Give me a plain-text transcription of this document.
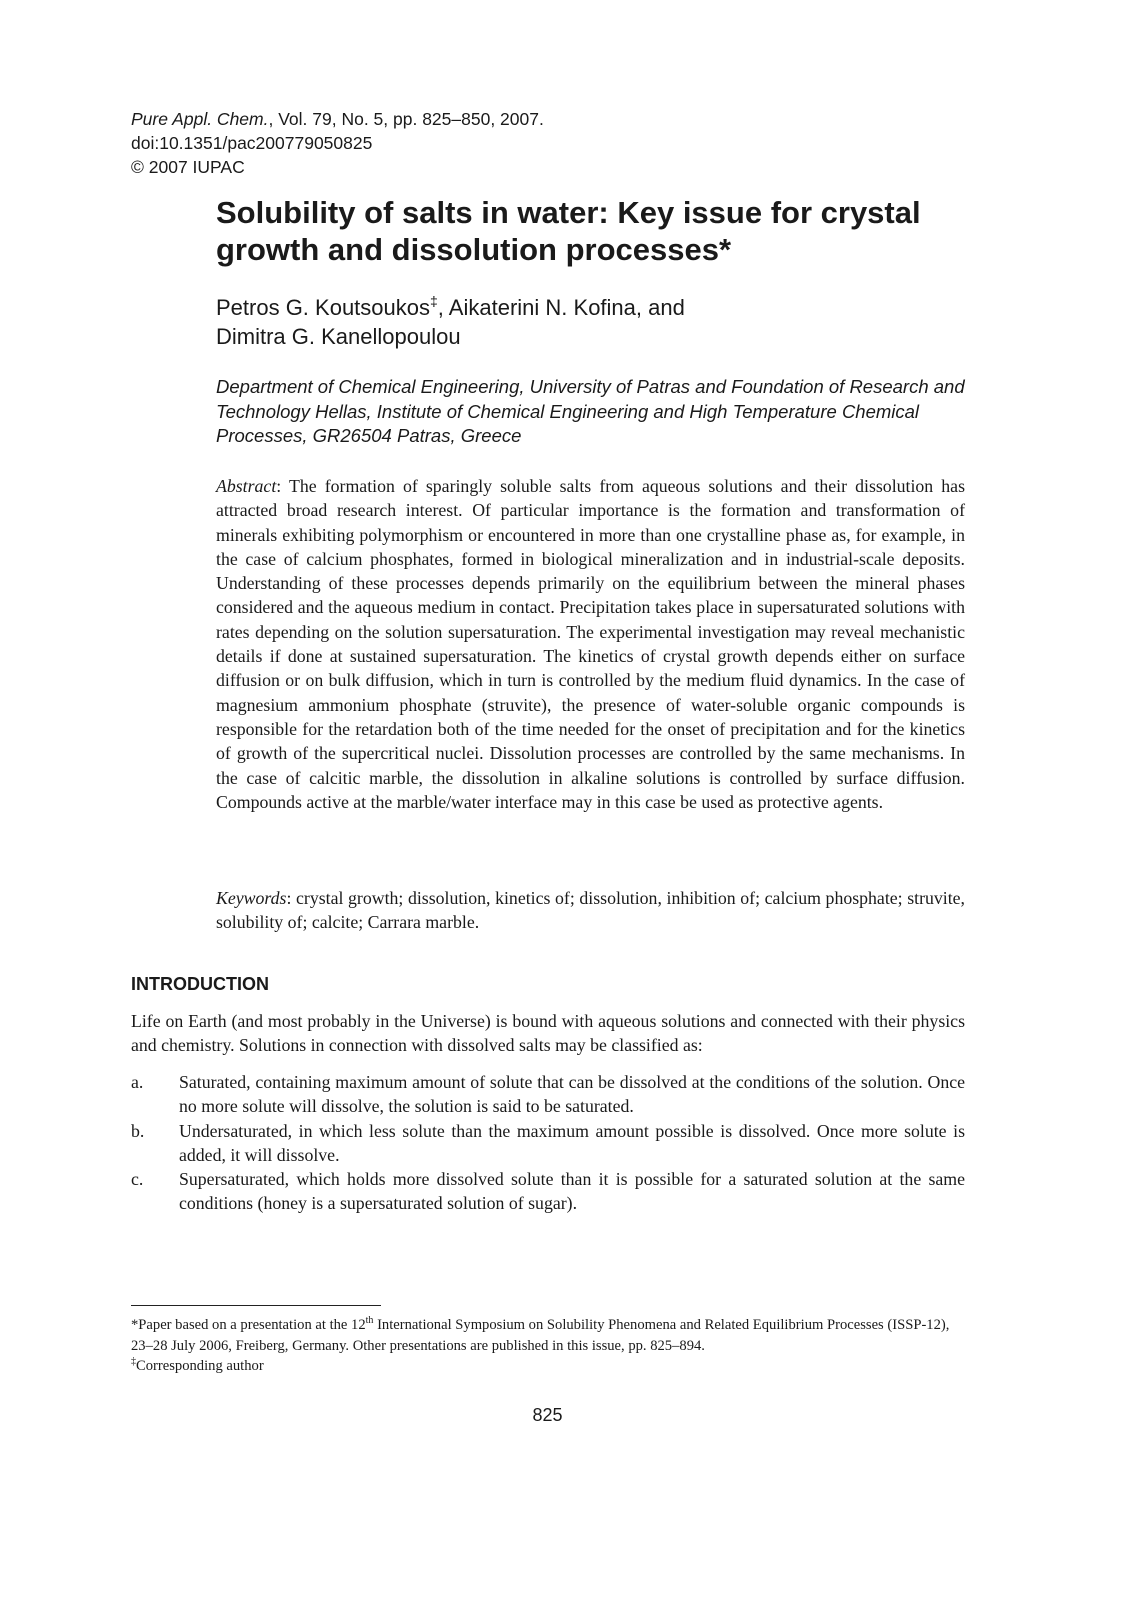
Pure Appl. Chem., Vol. 79, No. 5, pp. 825–850, 2007.
doi:10.1351/pac200779050825
© 2007 IUPAC
Solubility of salts in water: Key issue for crystal growth and dissolution processes*
Petros G. Koutsoukos‡, Aikaterini N. Kofina, and
Dimitra G. Kanellopoulou
Department of Chemical Engineering, University of Patras and Foundation of Research and Technology Hellas, Institute of Chemical Engineering and High Temperature Chemical Processes, GR26504 Patras, Greece
Abstract: The formation of sparingly soluble salts from aqueous solutions and their dissolution has attracted broad research interest. Of particular importance is the formation and transformation of minerals exhibiting polymorphism or encountered in more than one crystalline phase as, for example, in the case of calcium phosphates, formed in biological mineralization and in industrial-scale deposits. Understanding of these processes depends primarily on the equilibrium between the mineral phases considered and the aqueous medium in contact. Precipitation takes place in supersaturated solutions with rates depending on the solution supersaturation. The experimental investigation may reveal mechanistic details if done at sustained supersaturation. The kinetics of crystal growth depends either on surface diffusion or on bulk diffusion, which in turn is controlled by the medium fluid dynamics. In the case of magnesium ammonium phosphate (struvite), the presence of water-soluble organic compounds is responsible for the retardation both of the time needed for the onset of precipitation and for the kinetics of growth of the supercritical nuclei. Dissolution processes are controlled by the same mechanisms. In the case of calcitic marble, the dissolution in alkaline solutions is controlled by surface diffusion. Compounds active at the marble/water interface may in this case be used as protective agents.
Keywords: crystal growth; dissolution, kinetics of; dissolution, inhibition of; calcium phosphate; struvite, solubility of; calcite; Carrara marble.
INTRODUCTION
Life on Earth (and most probably in the Universe) is bound with aqueous solutions and connected with their physics and chemistry. Solutions in connection with dissolved salts may be classified as:
a. Saturated, containing maximum amount of solute that can be dissolved at the conditions of the solution. Once no more solute will dissolve, the solution is said to be saturated.
b. Undersaturated, in which less solute than the maximum amount possible is dissolved. Once more solute is added, it will dissolve.
c. Supersaturated, which holds more dissolved solute than it is possible for a saturated solution at the same conditions (honey is a supersaturated solution of sugar).
*Paper based on a presentation at the 12th International Symposium on Solubility Phenomena and Related Equilibrium Processes (ISSP-12), 23–28 July 2006, Freiberg, Germany. Other presentations are published in this issue, pp. 825–894.
‡Corresponding author
825
